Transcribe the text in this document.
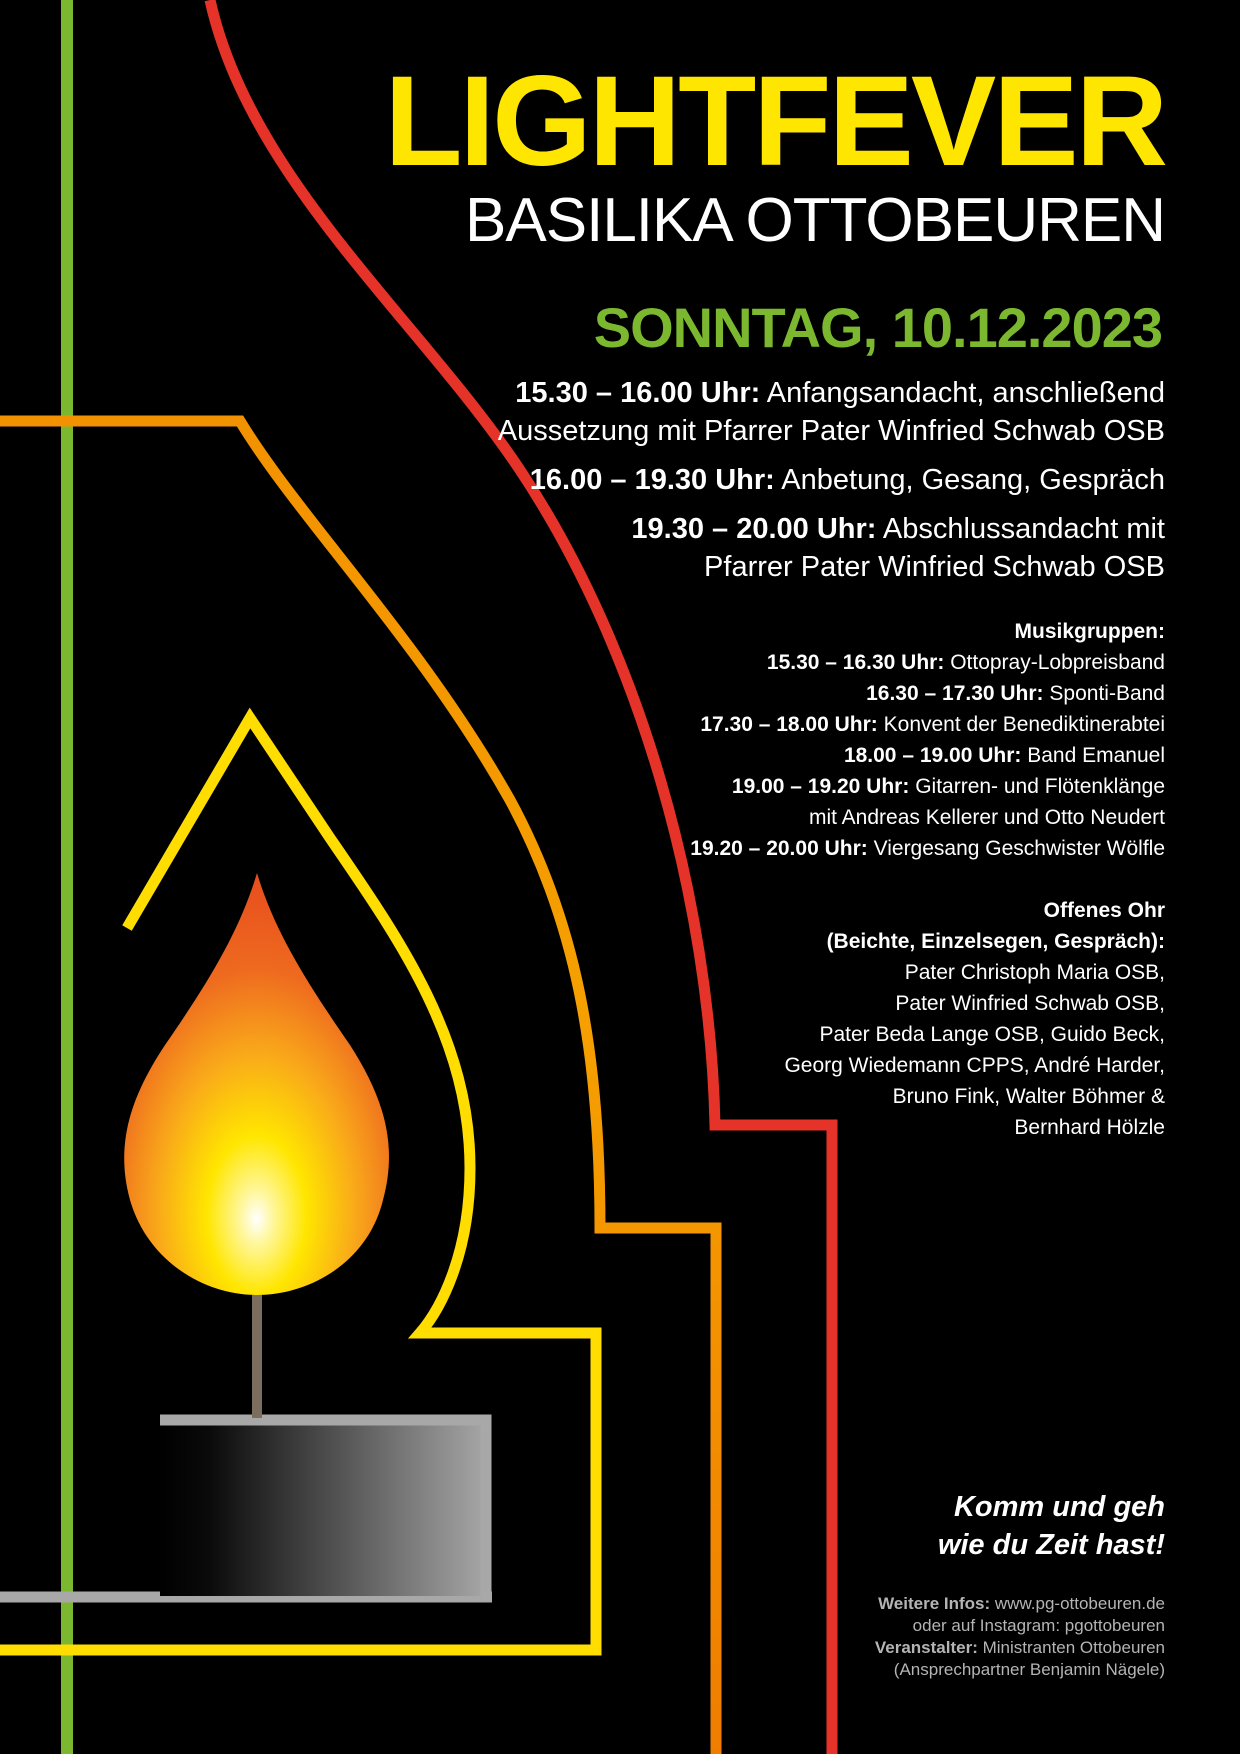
LIGHTFEVER
BASILIKA OTTOBEUREN
SONNTAG, 10.12.2023
15.30 – 16.00 Uhr: Anfangsandacht, anschließend
Aussetzung mit Pfarrer Pater Winfried Schwab OSB
16.00 – 19.30 Uhr: Anbetung, Gesang, Gespräch
19.30 – 20.00 Uhr: Abschlussandacht mit
Pfarrer Pater Winfried Schwab OSB
Musikgruppen:
15.30 – 16.30 Uhr: Ottopray-Lobpreisband
16.30 – 17.30 Uhr: Sponti-Band
17.30 – 18.00 Uhr: Konvent der Benediktinerabtei
18.00 – 19.00 Uhr: Band Emanuel
19.00 – 19.20 Uhr: Gitarren- und Flötenklänge
mit Andreas Kellerer und Otto Neudert
19.20 – 20.00 Uhr: Viergesang Geschwister Wölfle
Offenes Ohr
(Beichte, Einzelsegen, Gespräch):
Pater Christoph Maria OSB,
Pater Winfried Schwab OSB,
Pater Beda Lange OSB, Guido Beck,
Georg Wiedemann CPPS, André Harder,
Bruno Fink, Walter Böhmer &
Bernhard Hölzle
Komm und geh
wie du Zeit hast!
Weitere Infos: www.pg-ottobeuren.de
oder auf Instagram: pgottobeuren
Veranstalter: Ministranten Ottobeuren
(Ansprechpartner Benjamin Nägele)
